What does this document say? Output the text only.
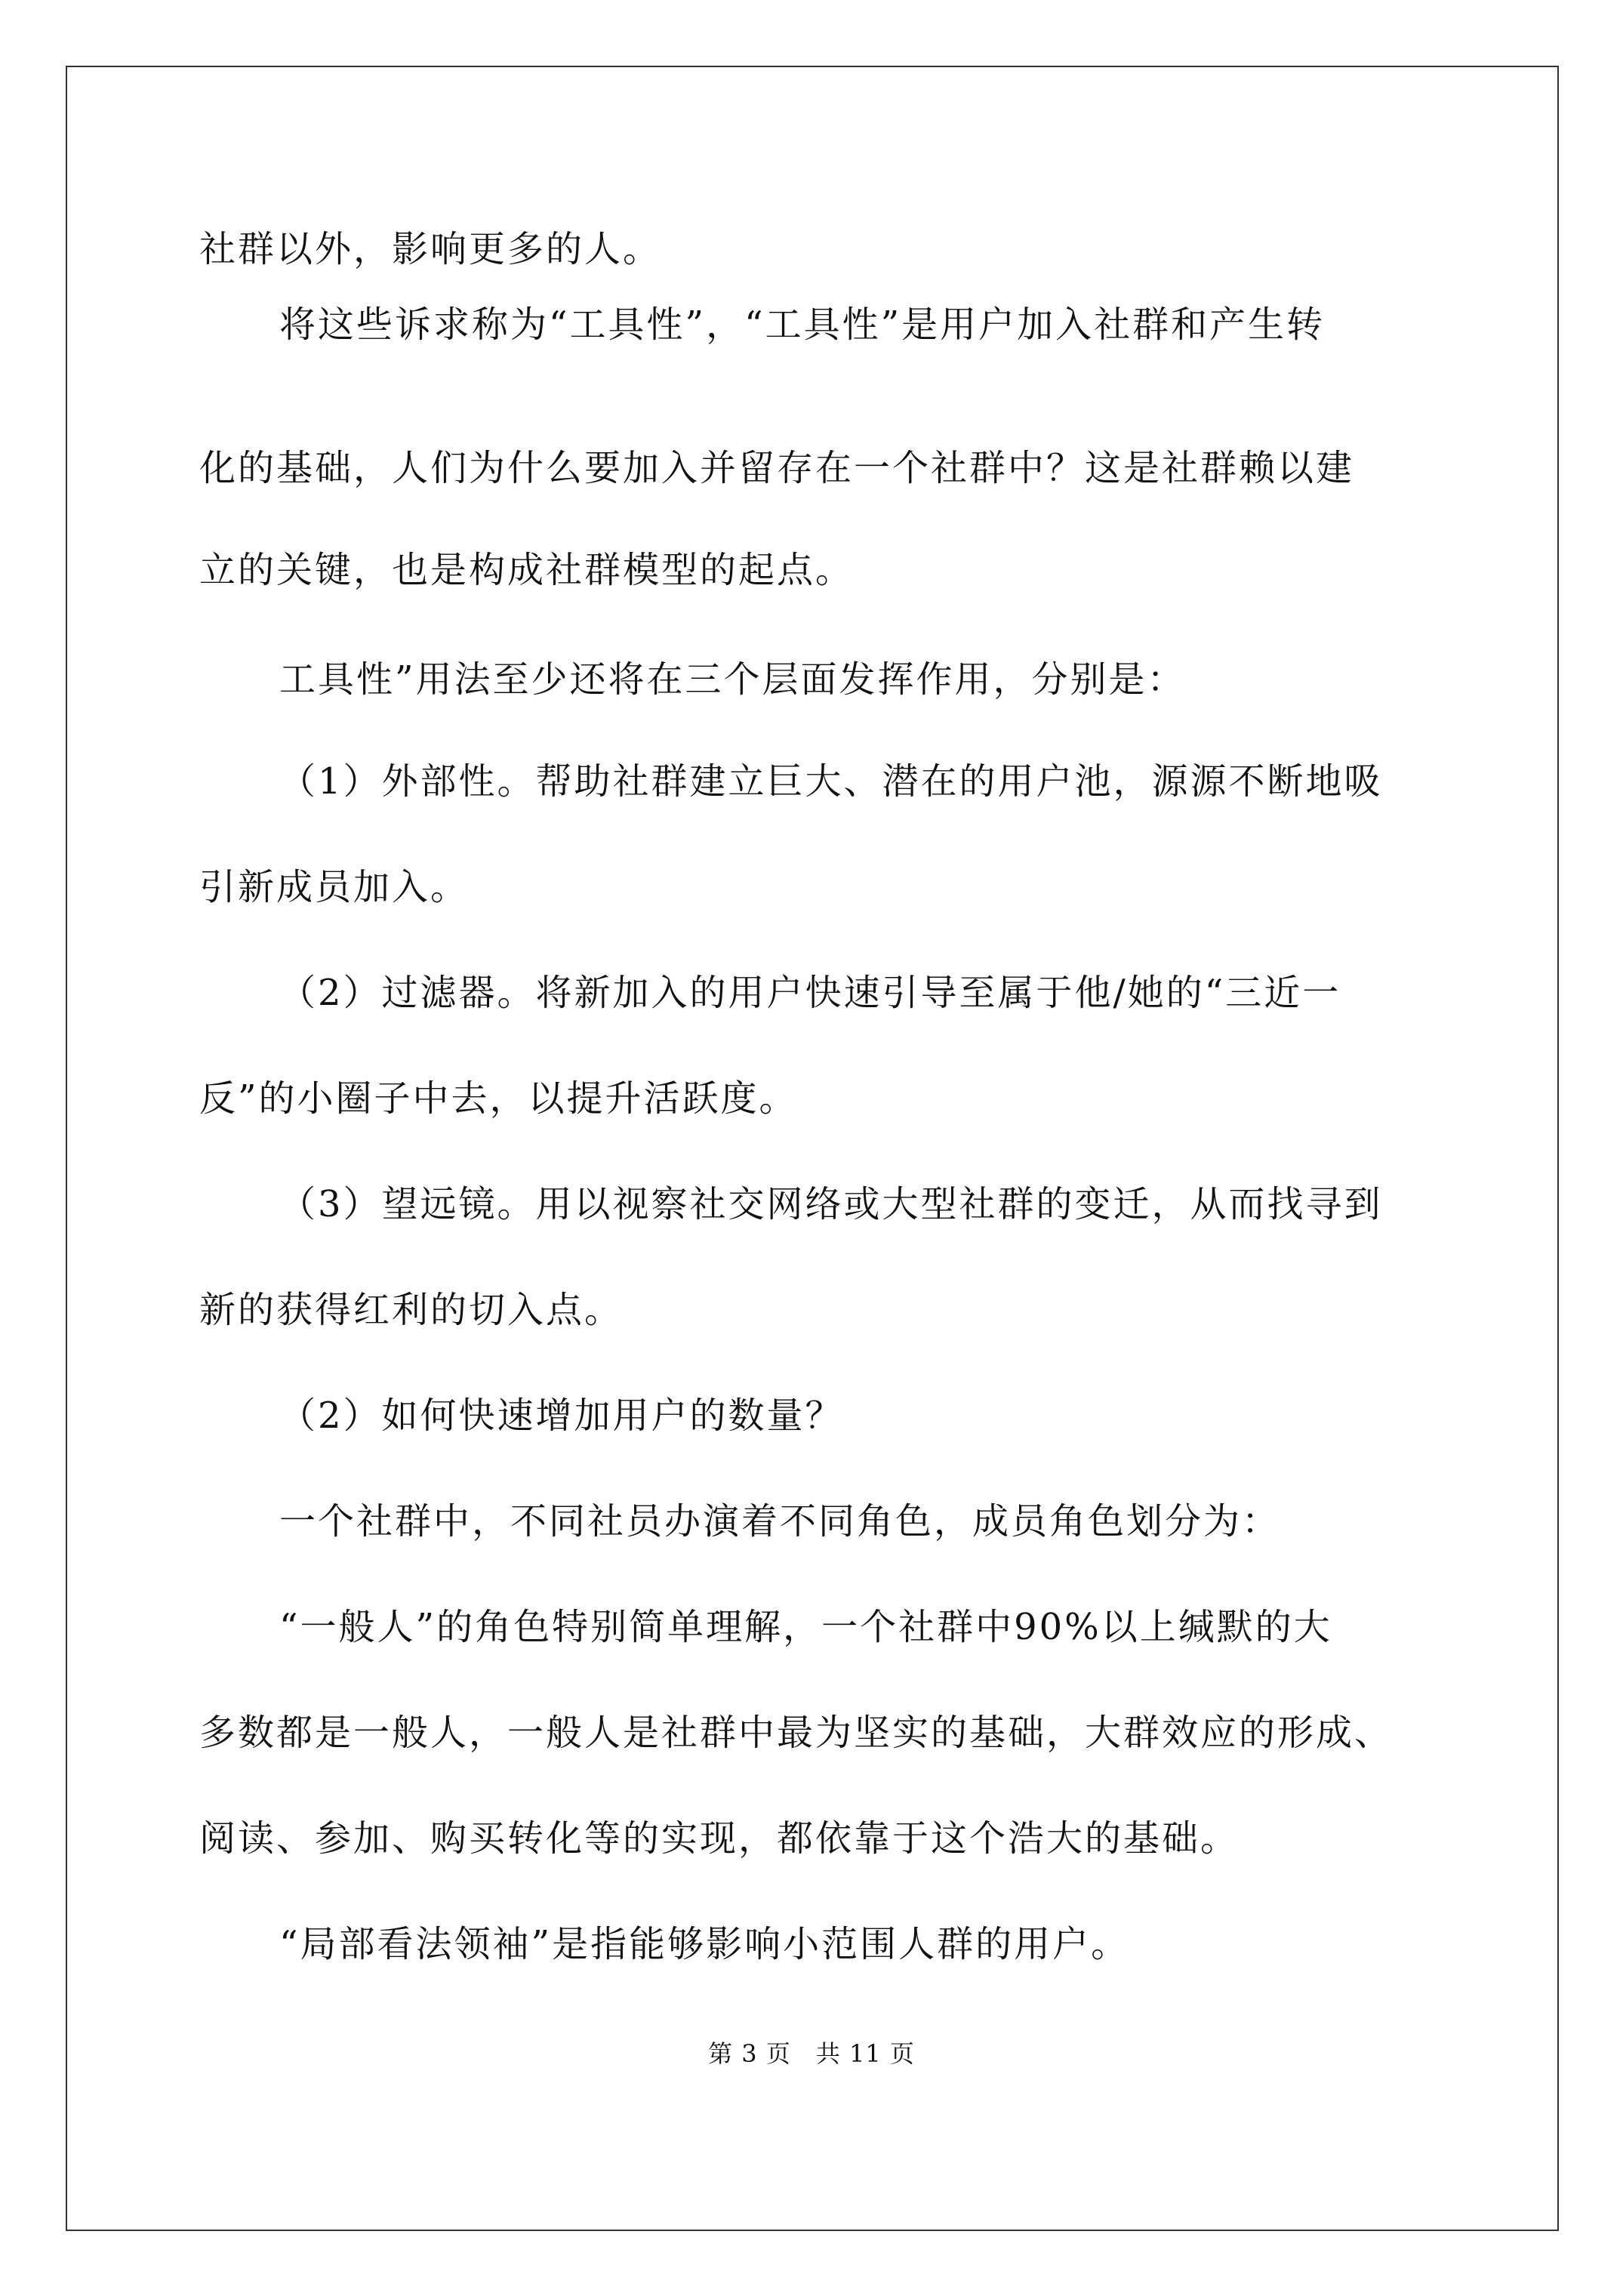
社群以外，影响更多的人。
将这些诉求称为“工具性”，“工具性”是用户加入社群和产生转
化的基础，人们为什么要加入并留存在一个社群中？这是社群赖以建
立的关键，也是构成社群模型的起点。
工具性”用法至少还将在三个层面发挥作用，分别是：
（1）外部性。帮助社群建立巨大、潜在的用户池，源源不断地吸
引新成员加入。
（2）过滤器。将新加入的用户快速引导至属于他/她的“三近一
反”的小圈子中去，以提升活跃度。
（3）望远镜。用以视察社交网络或大型社群的变迁，从而找寻到
新的获得红利的切入点。
（2）如何快速增加用户的数量？
一个社群中，不同社员办演着不同角色，成员角色划分为：
“一般人”的角色特别简单理解，一个社群中90%以上缄默的大
多数都是一般人，一般人是社群中最为坚实的基础，大群效应的形成、
阅读、参加、购买转化等的实现，都依靠于这个浩大的基础。
“局部看法领袖”是指能够影响小范围人群的用户。
第 3 页　共 11 页
